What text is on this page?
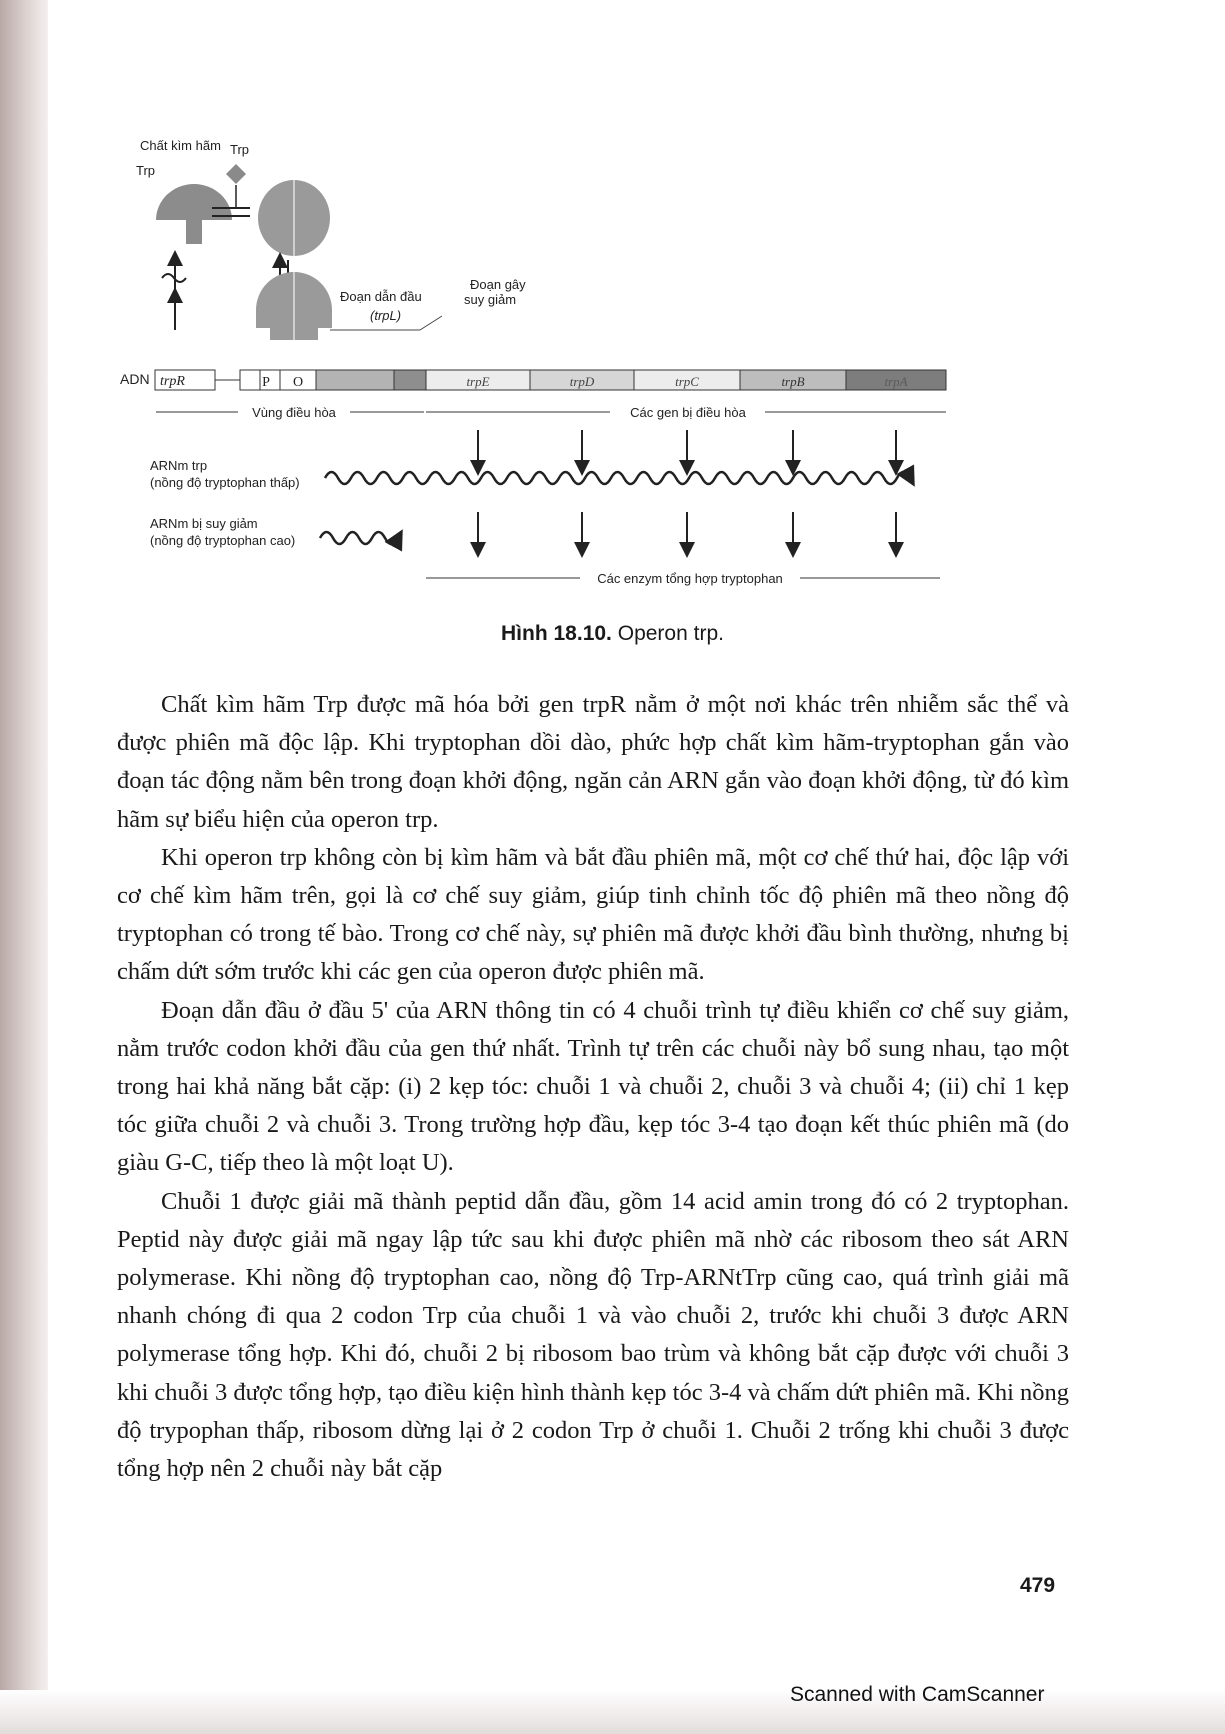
Chất kìm hãm
Trp
Trp
Đoạn dẫn đầu
(trpL)
Đoạn gây
suy giảm
ADN trpR	P O	trpE	trpD	trpC	trpB	trpA
Vùng điều hòa	Các gen bị điều hòa
ARNm trp
(nồng độ tryptophan thấp)
ARNm bị suy giảm
(nồng độ tryptophan cao)
Các enzym tổng hợp tryptophan
Hình 18.10. Operon trp.

Chất kìm hãm Trp được mã hóa bởi gen trpR nằm ở một nơi khác trên nhiễm sắc thể và được phiên mã độc lập. Khi tryptophan dồi dào, phức hợp chất kìm hãm-tryptophan gắn vào đoạn tác động nằm bên trong đoạn khởi động, ngăn cản ARN gắn vào đoạn khởi động, từ đó kìm hãm sự biểu hiện của operon trp.

Khi operon trp không còn bị kìm hãm và bắt đầu phiên mã, một cơ chế thứ hai, độc lập với cơ chế kìm hãm trên, gọi là cơ chế suy giảm, giúp tinh chỉnh tốc độ phiên mã theo nồng độ tryptophan có trong tế bào. Trong cơ chế này, sự phiên mã được khởi đầu bình thường, nhưng bị chấm dứt sớm trước khi các gen của operon được phiên mã.

Đoạn dẫn đầu ở đầu 5' của ARN thông tin có 4 chuỗi trình tự điều khiển cơ chế suy giảm, nằm trước codon khởi đầu của gen thứ nhất. Trình tự trên các chuỗi này bổ sung nhau, tạo một trong hai khả năng bắt cặp: (i) 2 kẹp tóc: chuỗi 1 và chuỗi 2, chuỗi 3 và chuỗi 4; (ii) chỉ 1 kẹp tóc giữa chuỗi 2 và chuỗi 3. Trong trường hợp đầu, kẹp tóc 3-4 tạo đoạn kết thúc phiên mã (do giàu G-C, tiếp theo là một loạt U).

Chuỗi 1 được giải mã thành peptid dẫn đầu, gồm 14 acid amin trong đó có 2 tryptophan. Peptid này được giải mã ngay lập tức sau khi được phiên mã nhờ các ribosom theo sát ARN polymerase. Khi nồng độ tryptophan cao, nồng độ Trp-ARNtTrp cũng cao, quá trình giải mã nhanh chóng đi qua 2 codon Trp của chuỗi 1 và vào chuỗi 2, trước khi chuỗi 3 được ARN polymerase tổng hợp. Khi đó, chuỗi 2 bị ribosom bao trùm và không bắt cặp được với chuỗi 3 khi chuỗi 3 được tổng hợp, tạo điều kiện hình thành kẹp tóc 3-4 và chấm dứt phiên mã. Khi nồng độ trypophan thấp, ribosom dừng lại ở 2 codon Trp ở chuỗi 1. Chuỗi 2 trống khi chuỗi 3 được tổng hợp nên 2 chuỗi này bắt cặp

479
Scanned with CamScanner
